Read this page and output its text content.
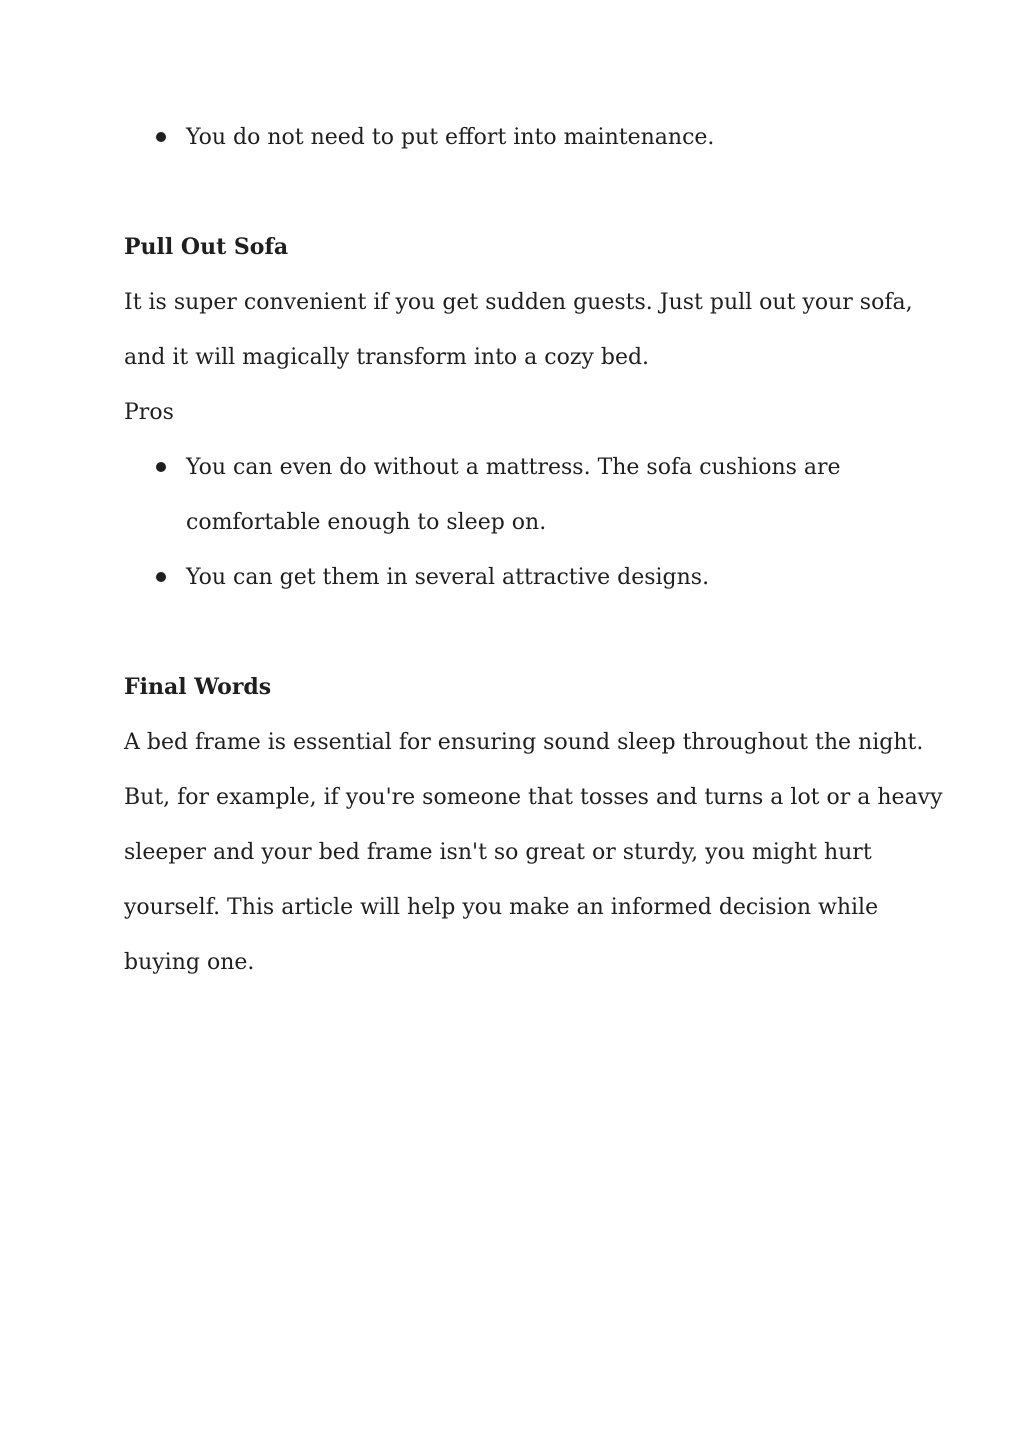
You do not need to put effort into maintenance.

Pull Out Sofa

It is super convenient if you get sudden guests. Just pull out your sofa,

and it will magically transform into a cozy bed.

Pros

You can even do without a mattress. The sofa cushions are

comfortable enough to sleep on.

You can get them in several attractive designs.

Final Words

A bed frame is essential for ensuring sound sleep throughout the night.

But, for example, if you're someone that tosses and turns a lot or a heavy

sleeper and your bed frame isn't so great or sturdy, you might hurt

yourself. This article will help you make an informed decision while

buying one.
